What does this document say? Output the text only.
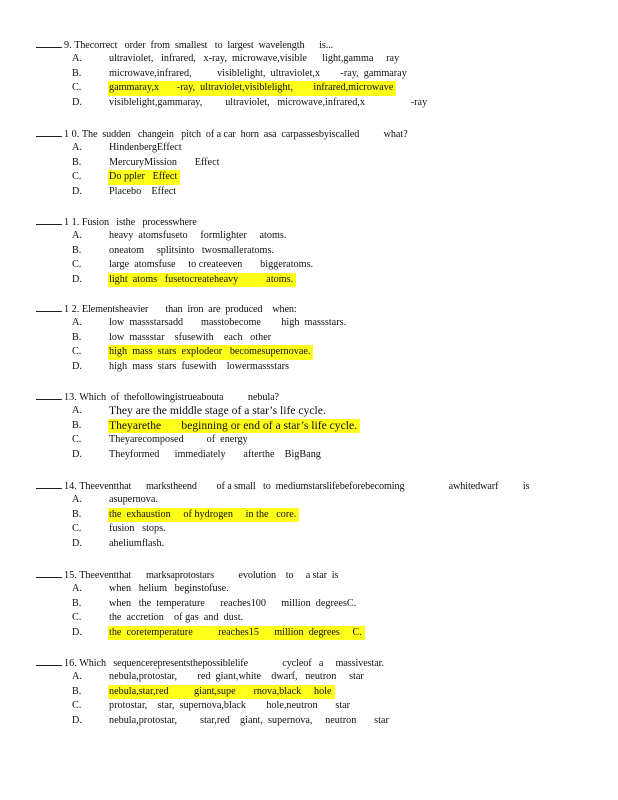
9. Thecorrect   order  from  smallest   to  largest  wavelength      is...
A.	ultraviolet,   infrared,   x-ray,  microwave,visible      light,gamma     ray
B.	microwave,infrared,          visiblelight,  ultraviolet,x        -ray,  gammaray
C.	gammaray,x       -ray,  ultraviolet,visiblelight,        infrared,microwave
D.	visiblelight,gammaray,         ultraviolet,   microwave,infrared,x                  -ray
1 0. The  sudden   changein   pitch  of a car  horn  asa  carpassesbyiscalled          what?
A.	HindenbergEffect
B.	MercuryMission       Effect
C.	Do ppler   Effect
D.	Placebo    Effect
1 1. Fusion   isthe   processwhere
A.	heavy  atomsfuseto     formlighter     atoms.
B.	oneatom     splitsinto   twosmalleratoms.
C.	large  atomsfuse     to createeven       biggeratoms.
D.	light  atoms   fusetocreateheavy           atoms.
1 2. Elementsheavier       than  iron  are  produced    when:
A.	low  massstarsadd       masstobecome        high  massstars.
B.	low  massstar    sfusewith    each   other
C.	high  mass  stars  explodeor   becomesupernovae.
D.	high  mass  stars  fusewith    lowermassstars
13. Which  of  thefollowingistrueabouta          nebula?
A.	They are the middle stage of a star’s life cycle.
B.	Theyarethe       beginning or end of a star’s life cycle.
C.	Theyarecomposed         of  energy
D.	Theyformed      immediately       afterthe    BigBang
14. Theeventthat      markstheend        of a small   to  mediumstarslifebeforebecoming                  awhitedwarf          is
A.	asupernova.
B.	the  exhaustion     of hydrogen     in the   core.
C.	fusion   stops.
D.	aheliumflash.
15. Theeventthat      marksaprotostars          evolution    to     a star  is
A.	when   helium   beginstofuse.
B.	when   the  temperature      reaches100      million  degreesC.
C.	the  accretion    of gas  and  dust.
D.	the  coretemperature          reaches15      million  degrees     C.
16. Which   sequencerepresentsthepossiblelife              cycleof   a     massivestar.
A.	nebula,protostar,        red  giant,white    dwarf,   neutron     star
B.	nebula,star,red          giant,supe       rnova,black     hole
C.	protostar,    star,  supernova,black        hole,neutron       star
D.	nebula,protostar,         star,red    giant,  supernova,     neutron       star
